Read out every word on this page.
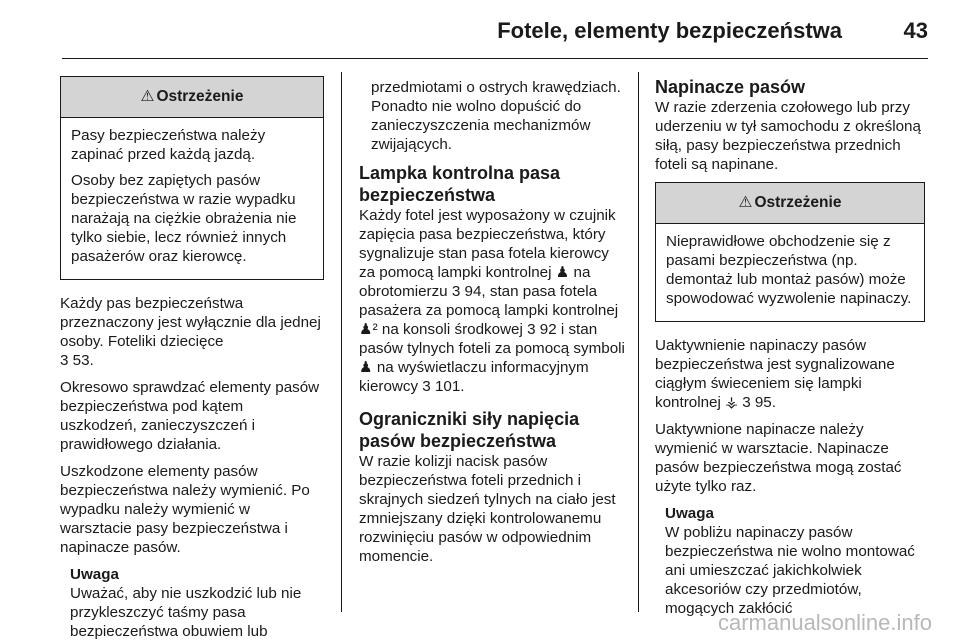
Fotele, elementy bezpieczeństwa	43
⚠ Ostrzeżenie

Pasy bezpieczeństwa należy zapinać przed każdą jazdą.

Osoby bez zapiętych pasów bezpieczeństwa w razie wypadku narażają na ciężkie obrażenia nie tylko siebie, lecz również innych pasażerów oraz kierowcę.

Każdy pas bezpieczeństwa przeznaczony jest wyłącznie dla jednej osoby. Foteliki dziecięce
3 53.

Okresowo sprawdzać elementy pasów bezpieczeństwa pod kątem uszkodzeń, zanieczyszczeń i prawidłowego działania.

Uszkodzone elementy pasów bezpieczeństwa należy wymienić. Po wypadku należy wymienić w warsztacie pasy bezpieczeństwa i napinacze pasów.

Uwaga
Uważać, aby nie uszkodzić lub nie przykleszczyć taśmy pasa bezpieczeństwa obuwiem lub

przedmiotami o ostrych krawędziach. Ponadto nie wolno dopuścić do zanieczyszczenia mechanizmów zwijających.

Lampka kontrolna pasa bezpieczeństwa

Każdy fotel jest wyposażony w czujnik zapięcia pasa bezpieczeństwa, który sygnalizuje stan pasa fotela kierowcy za pomocą lampki kontrolnej ♟ na obrotomierzu 3 94, stan pasa fotela pasażera za pomocą lampki kontrolnej ♟² na konsoli środkowej 3 92 i stan pasów tylnych foteli za pomocą symboli ♟ na wyświetlaczu informacyjnym kierowcy 3 101.

Ograniczniki siły napięcia pasów bezpieczeństwa

W razie kolizji nacisk pasów bezpieczeństwa foteli przednich i skrajnych siedzeń tylnych na ciało jest zmniejszany dzięki kontrolowanemu rozwinięciu pasów w odpowiednim momencie.

Napinacze pasów

W razie zderzenia czołowego lub przy uderzeniu w tył samochodu z określoną siłą, pasy bezpieczeństwa przednich foteli są napinane.

⚠ Ostrzeżenie

Nieprawidłowe obchodzenie się z pasami bezpieczeństwa (np. demontaż lub montaż pasów) może spowodować wyzwolenie napinaczy.

Uaktywnienie napinaczy pasów bezpieczeństwa jest sygnalizowane ciągłym świeceniem się lampki kontrolnej ⚶ 3 95.

Uaktywnione napinacze należy wymienić w warsztacie. Napinacze pasów bezpieczeństwa mogą zostać użyte tylko raz.

Uwaga
W pobliżu napinaczy pasów bezpieczeństwa nie wolno montować ani umieszczać jakichkolwiek akcesoriów czy przedmiotów, mogących zakłócić
carmanualsonline.info
